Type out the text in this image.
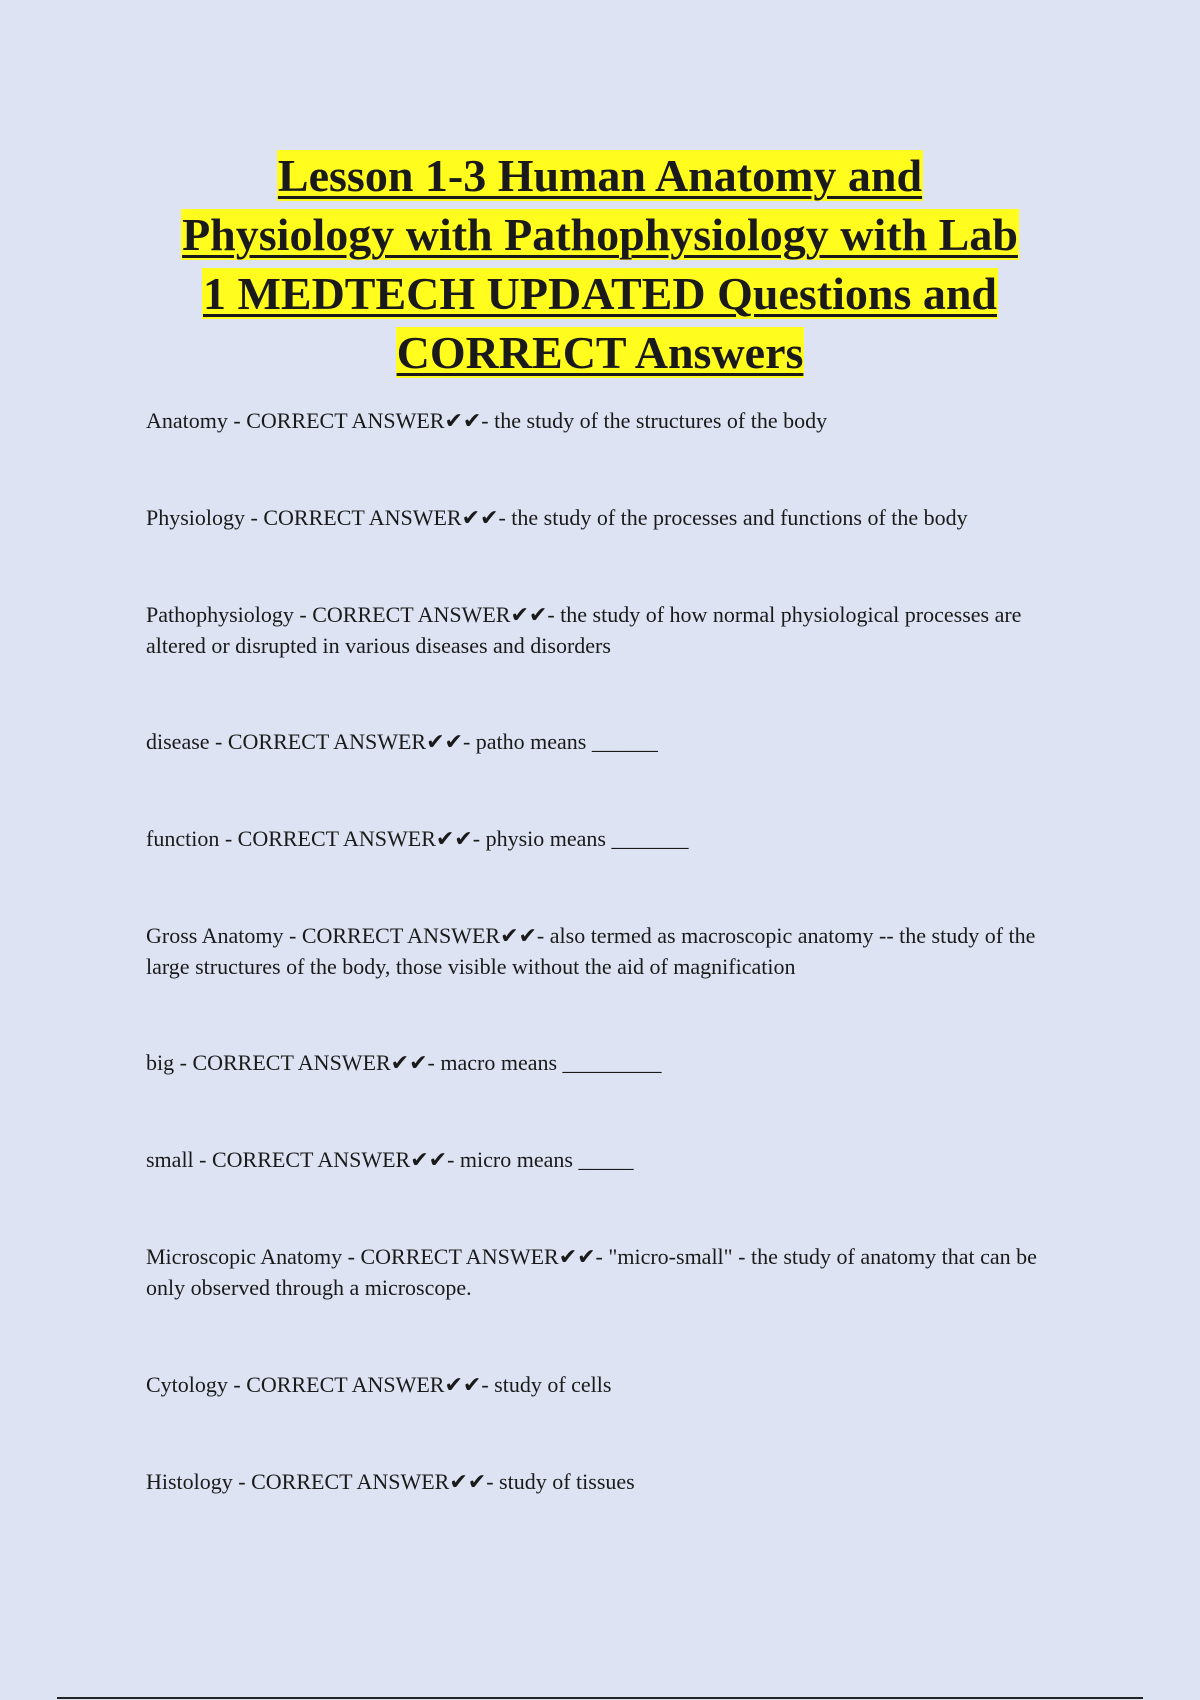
Lesson 1-3 Human Anatomy and
Physiology with Pathophysiology with Lab
1 MEDTECH UPDATED Questions and
CORRECT Answers

Anatomy - CORRECT ANSWER✔✔- the study of the structures of the body

Physiology - CORRECT ANSWER✔✔- the study of the processes and functions of the body

Pathophysiology - CORRECT ANSWER✔✔- the study of how normal physiological processes are altered or disrupted in various diseases and disorders

disease - CORRECT ANSWER✔✔- patho means ______

function - CORRECT ANSWER✔✔- physio means _______

Gross Anatomy - CORRECT ANSWER✔✔- also termed as macroscopic anatomy -- the study of the large structures of the body, those visible without the aid of magnification

big - CORRECT ANSWER✔✔- macro means _________

small - CORRECT ANSWER✔✔- micro means _____

Microscopic Anatomy - CORRECT ANSWER✔✔- "micro-small" - the study of anatomy that can be only observed through a microscope.

Cytology - CORRECT ANSWER✔✔- study of cells

Histology - CORRECT ANSWER✔✔- study of tissues
